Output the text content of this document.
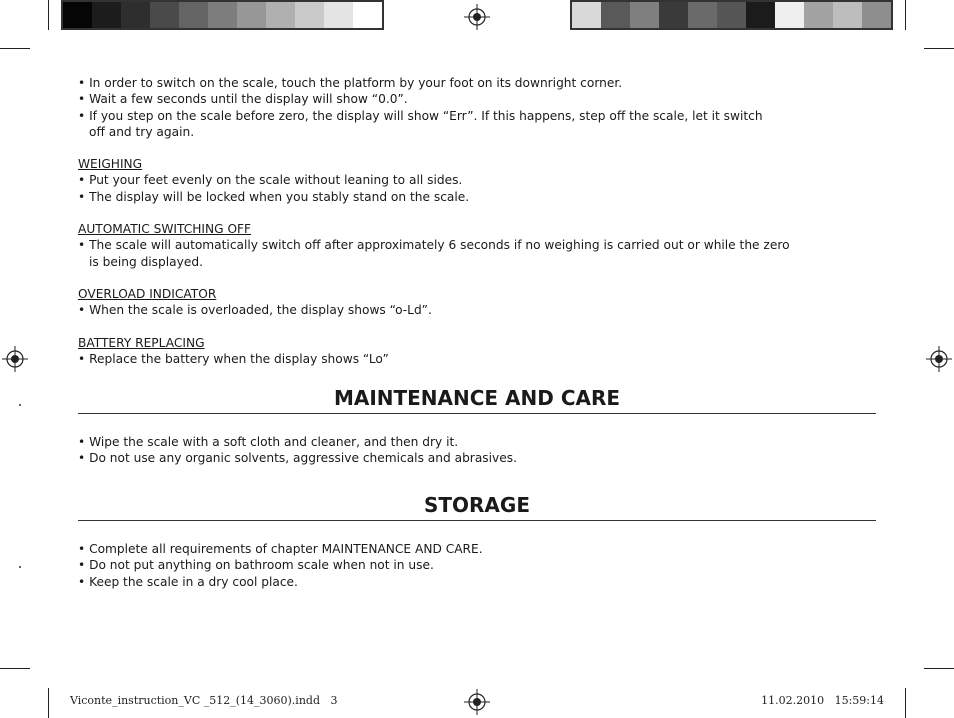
• In order to switch on the scale, touch the platform by your foot on its downright corner.

• Wait a few seconds until the display will show “0.0”.

• If you step on the scale before zero, the display will show “Err”. If this happens, step off the scale, let it switch

off and try again.

WEIGHING

• Put your feet evenly on the scale without leaning to all sides.

• The display will be locked when you stably stand on the scale.

AUTOMATIC SWITCHING OFF

• The scale will automatically switch off after approximately 6 seconds if no weighing is carried out or while the zero

is being displayed.

OVERLOAD INDICATOR

• When the scale is overloaded, the display shows “o-Ld”.

BATTERY REPLACING

• Replace the battery when the display shows “Lo”

MAINTENANCE AND CARE

• Wipe the scale with a soft cloth and cleaner, and then dry it.

• Do not use any organic solvents, aggressive chemicals and abrasives.

STORAGE

• Complete all requirements of chapter MAINTENANCE AND CARE.

• Do not put anything on bathroom scale when not in use.

• Keep the scale in a dry cool place.

Viconte_instruction_VC _512_(14_3060).indd   3	11.02.2010   15:59:14
